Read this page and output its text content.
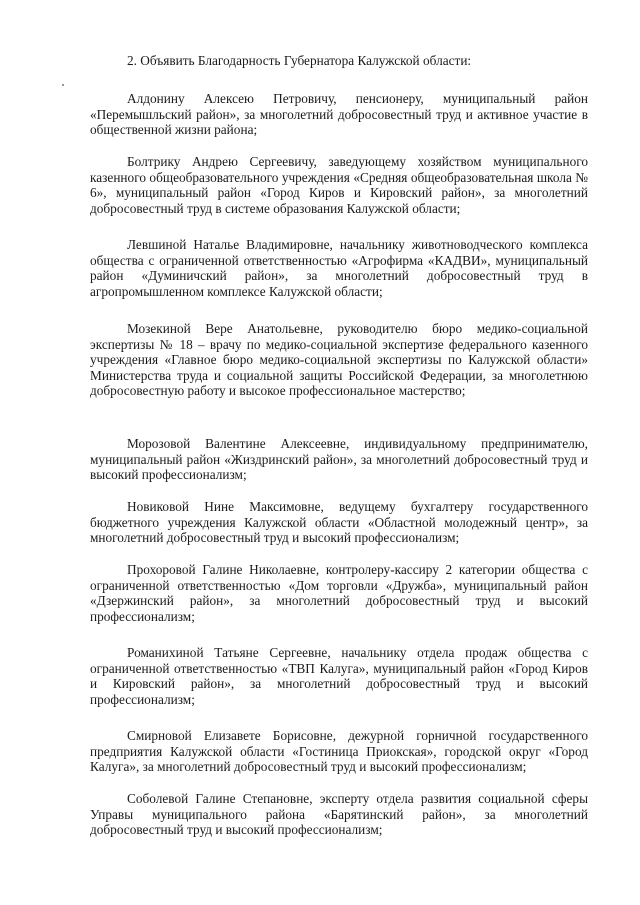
2. Объявить Благодарность Губернатора Калужской области:

Алдонину Алексею Петровичу, пенсионеру, муниципальный район «Перемышльский район», за многолетний добросовестный труд и активное участие в общественной жизни района;

Болтрику Андрею Сергеевичу, заведующему хозяйством муниципального казенного общеобразовательного учреждения «Средняя общеобразовательная школа № 6», муниципальный район «Город Киров и Кировский район», за многолетний добросовестный труд в системе образования Калужской области;

Левшиной Наталье Владимировне, начальнику животноводческого комплекса общества с ограниченной ответственностью «Агрофирма «КАДВИ», муниципальный район «Думиничский район», за многолетний добросовестный труд в агропромышленном комплексе Калужской области;

Мозекиной Вере Анатольевне, руководителю бюро медико-социальной экспертизы № 18 – врачу по медико-социальной экспертизе федерального казенного учреждения «Главное бюро медико-социальной экспертизы по Калужской области» Министерства труда и социальной защиты Российской Федерации, за многолетнюю добросовестную работу и высокое профессиональное мастерство;

Морозовой Валентине Алексеевне, индивидуальному предпринимателю, муниципальный район «Жиздринский район», за многолетний добросовестный труд и высокий профессионализм;

Новиковой Нине Максимовне, ведущему бухгалтеру государственного бюджетного учреждения Калужской области «Областной молодежный центр», за многолетний добросовестный труд и высокий профессионализм;

Прохоровой Галине Николаевне, контролеру-кассиру 2 категории общества с ограниченной ответственностью «Дом торговли «Дружба», муниципальный район «Дзержинский район», за многолетний добросовестный труд и высокий профессионализм;

Романихиной Татьяне Сергеевне, начальнику отдела продаж общества с ограниченной ответственностью «ТВП Калуга», муниципальный район «Город Киров и Кировский район», за многолетний добросовестный труд и высокий профессионализм;

Смирновой Елизавете Борисовне, дежурной горничной государственного предприятия Калужской области «Гостиница Приокская», городской округ «Город Калуга», за многолетний добросовестный труд и высокий профессионализм;

Соболевой Галине Степановне, эксперту отдела развития социальной сферы Управы муниципального района «Барятинский район», за многолетний добросовестный труд и высокий профессионализм;
